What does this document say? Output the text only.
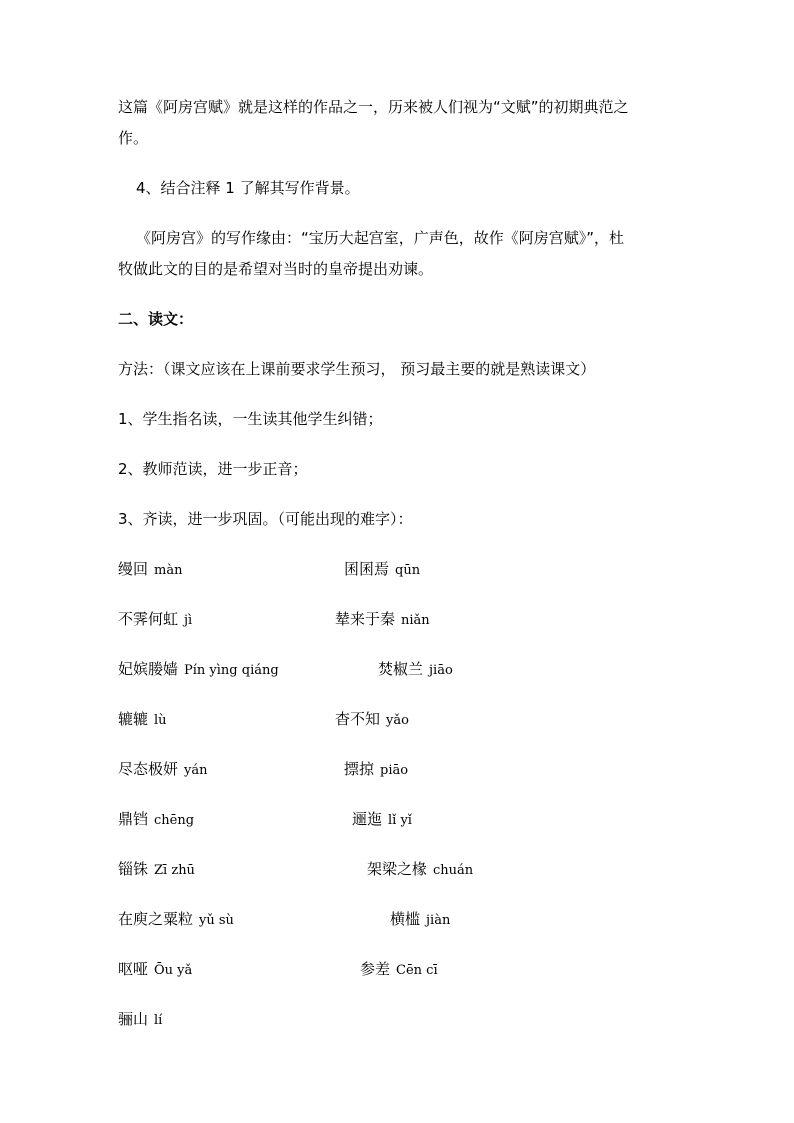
这篇《阿房宫赋》就是这样的作品之一，历来被人们视为“文赋”的初期典范之
作。
4、结合注释 1 了解其写作背景。
《阿房宫》的写作缘由：“宝历大起宫室，广声色，故作《阿房宫赋》”，杜
牧做此文的目的是希望对当时的皇帝提出劝谏。
二、读文：
方法：（课文应该在上课前要求学生预习， 预习最主要的就是熟读课文）
1、学生指名读，一生读其他学生纠错；
2、教师范读，进一步正音；
3、齐读，进一步巩固。（可能出现的难字）：
缦回 màn	囷囷焉 qūn
不霁何虹 jì	辇来于秦 niǎn
妃嫔媵嫱 Pín yìng qiáng	焚椒兰 jiāo
辘辘 lù	杳不知 yǎo
尽态极妍 yán	摽掠 piāo
鼎铛 chēng	逦迤 lǐ yǐ
锱铢 Zī zhū	架梁之椽 chuán
在庾之粟粒 yǔ sù	横槛 jiàn
呕哑 Ōu yǎ	参差 Cēn cī
骊山 lí
